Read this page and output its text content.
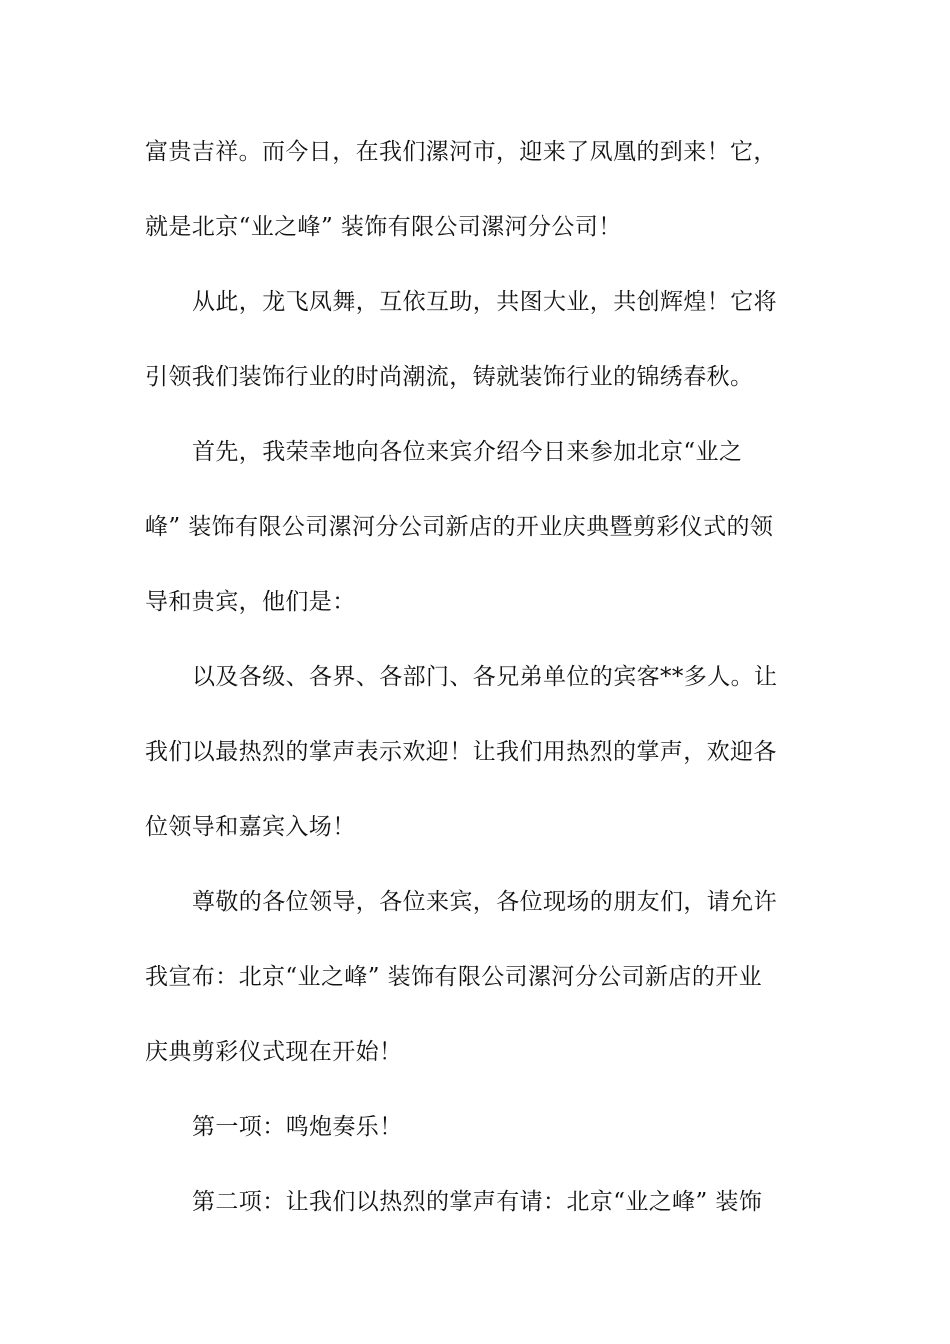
富贵吉祥。而今日，在我们漯河市，迎来了凤凰的到来！它，
就是北京“业之峰” 装饰有限公司漯河分公司！
从此，龙飞凤舞，互依互助，共图大业，共创辉煌！它将
引领我们装饰行业的时尚潮流，铸就装饰行业的锦绣春秋。
首先，我荣幸地向各位来宾介绍今日来参加北京“业之
峰” 装饰有限公司漯河分公司新店的开业庆典暨剪彩仪式的领
导和贵宾，他们是：
以及各级、各界、各部门、各兄弟单位的宾客**多人。让
我们以最热烈的掌声表示欢迎！让我们用热烈的掌声，欢迎各
位领导和嘉宾入场！
尊敬的各位领导，各位来宾，各位现场的朋友们，请允许
我宣布：北京“业之峰” 装饰有限公司漯河分公司新店的开业
庆典剪彩仪式现在开始！
第一项：鸣炮奏乐！
第二项：让我们以热烈的掌声有请：北京“业之峰” 装饰
